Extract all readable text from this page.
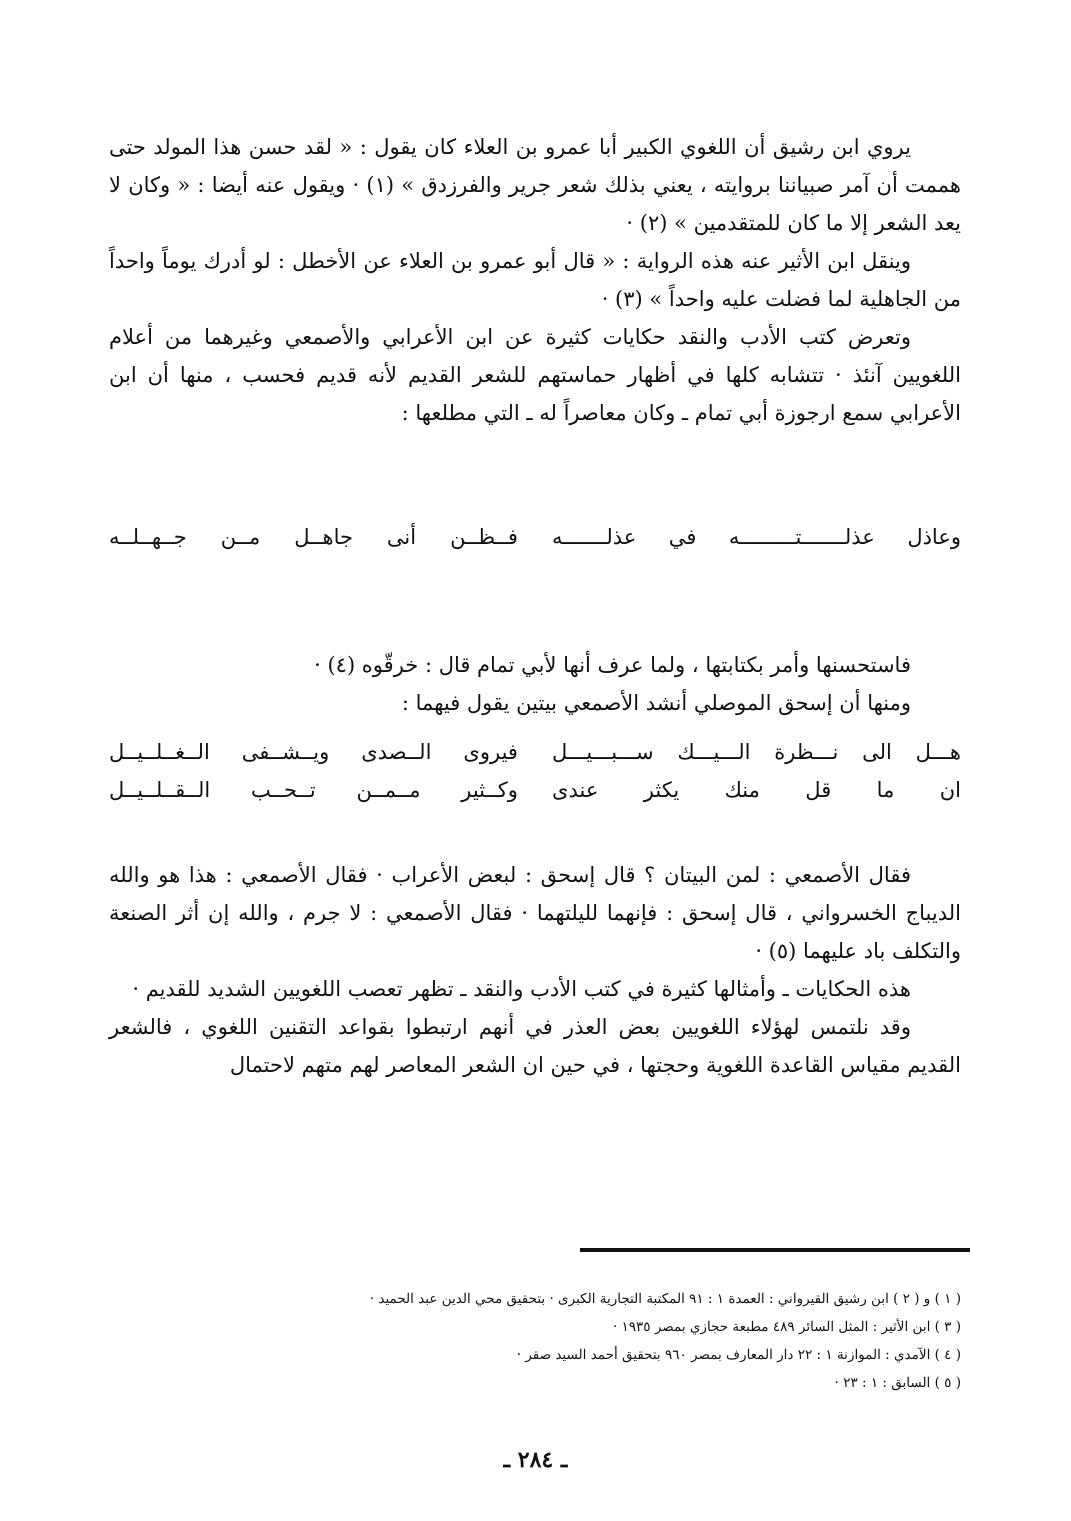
يروي ابن رشيق أن اللغوي الكبير أبا عمرو بن العلاء كان يقول : « لقد حسن هذا المولد حتى هممت أن آمر صبياننا بروايته ، يعني بذلك شعر جرير والفرزدق » (١) · ويقول عنه أيضا : « وكان لا يعد الشعر إلا ما كان للمتقدمين » (٢) ·

وينقل ابن الأثير عنه هذه الرواية : « قال أبو عمرو بن العلاء عن الأخطل : لو أدرك يوماً واحداً من الجاهلية لما فضلت عليه واحداً » (٣) ·

وتعرض كتب الأدب والنقد حكايات كثيرة عن ابن الأعرابي والأصمعي وغيرهما من أعلام اللغويين آنئذ · تتشابه كلها في أظهار حماستهم للشعر القديم لأنه قديم فحسب ، منها أن ابن الأعرابي سمع ارجوزة أبي تمام ـ وكان معاصراً له ـ التي مطلعها :

وعاذل عذلـــــــتـــــــــه في عذلـــــــه
فــظــن أنى جاهــل مــن جــهــلــه

فاستحسنها وأمر بكتابتها ، ولما عرف أنها لأبي تمام قال : خرقّوه (٤) ·

ومنها أن إسحق الموصلي أنشد الأصمعي بيتين يقول فيهما :

هـــل الى نـــظرة الـــيـــك ســـبـــيـــل
فيروى الــصدى ويــشــفى الــغــلــيــل
ان ما قل منك يكثر عندى
وكــثير مــمــن تــحــب الــقــلــيــل

فقال الأصمعي : لمن البيتان ؟ قال إسحق : لبعض الأعراب · فقال الأصمعي : هذا هو والله الديباج الخسرواني ، قال إسحق : فإنهما لليلتهما · فقال الأصمعي : لا جرم ، والله إن أثر الصنعة والتكلف باد عليهما (٥) ·

هذه الحكايات ـ وأمثالها كثيرة في كتب الأدب والنقد ـ تظهر تعصب اللغويين الشديد للقديم ·

وقد نلتمس لهؤلاء اللغويين بعض العذر في أنهم ارتبطوا بقواعد التقنين اللغوي ، فالشعر القديم مقياس القاعدة اللغوية وحجتها ، في حين ان الشعر المعاصر لهم متهم لاحتمال

( ١ ) و ( ٢ ) ابن رشيق القيرواني : العمدة ١ : ٩١ المكتبة التجارية الكبرى · بتحقيق محي الدين عبد الحميد ·

( ٣ ) ابن الأثير : المثل السائر ٤٨٩ مطبعة حجازي بمصر ١٩٣٥ ·

( ٤ ) الآمدي : الموازنة ١ : ٢٢ دار المعارف بمصر ٩٦٠ بتحقيق أحمد السيد صقر ·

( ٥ ) السابق : ١ : ٢٣ ·

ـ ٢٨٤ ـ
